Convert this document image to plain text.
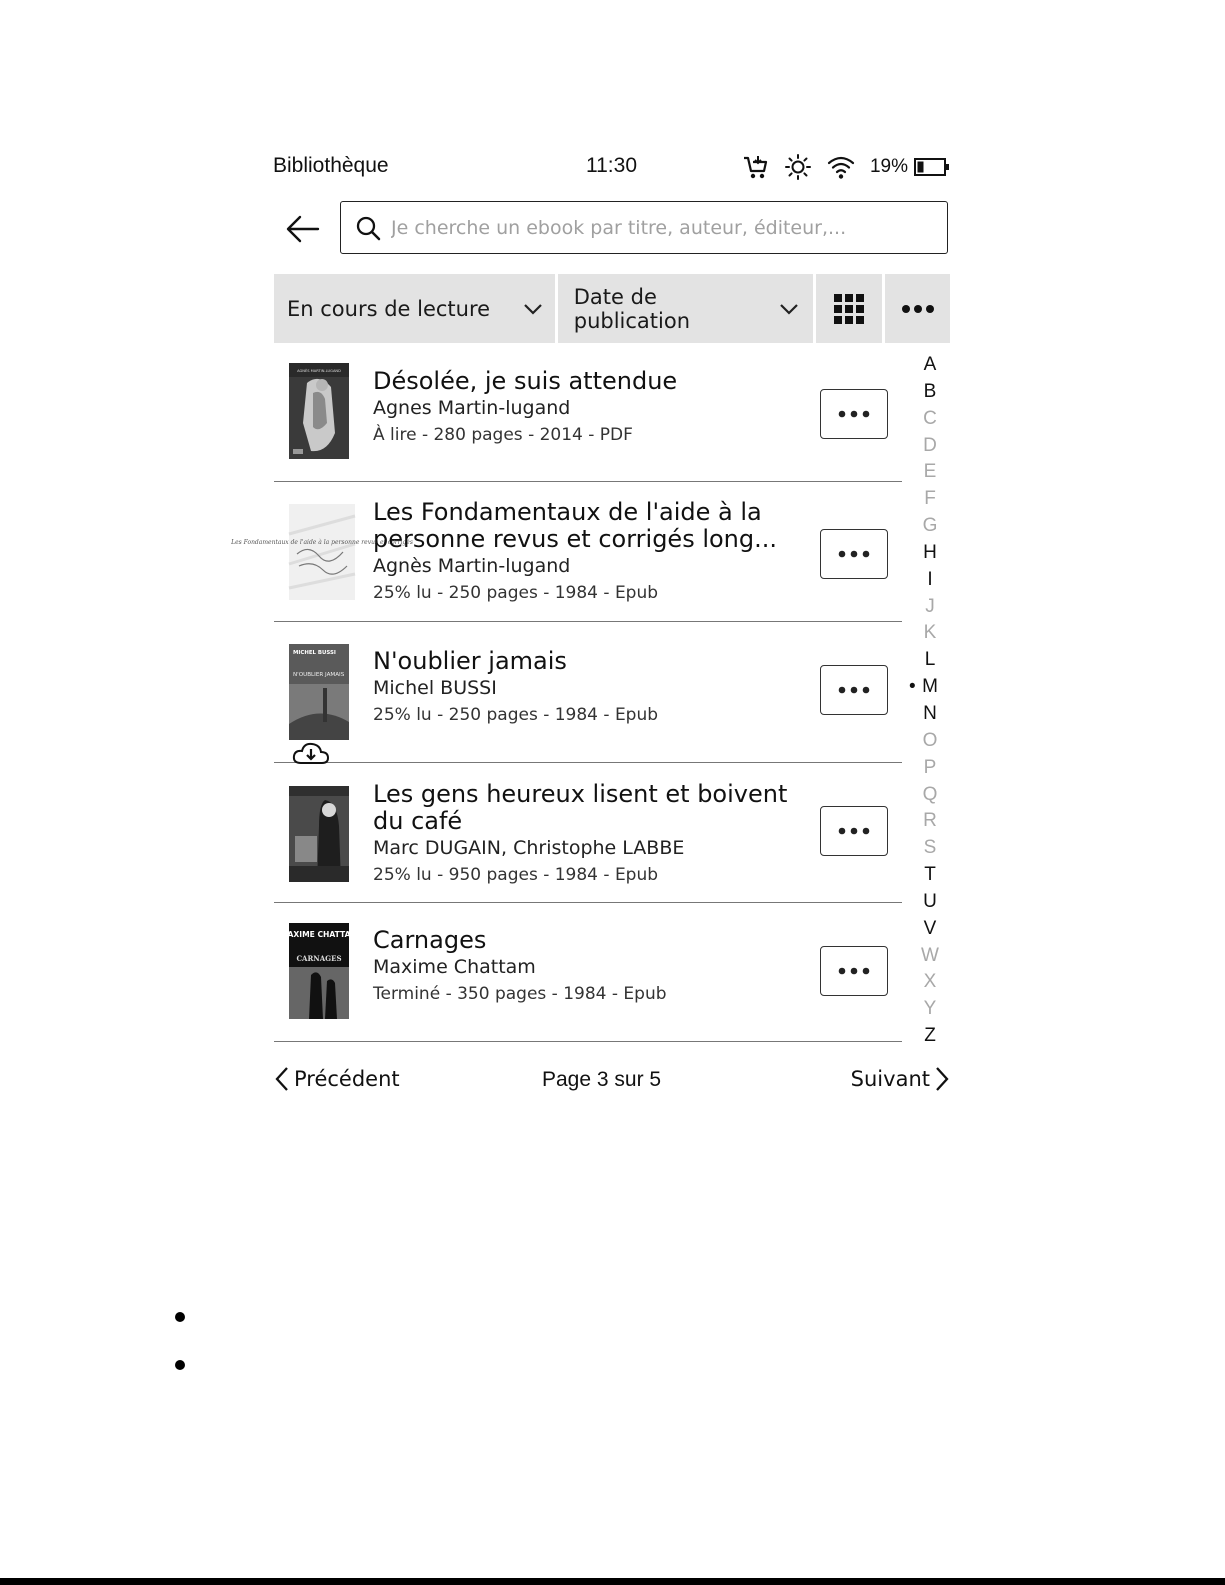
Bibliothèque	11:30	19%
Je cherche un ebook par titre, auteur, éditeur,...
En cours de lecture	Date de publication
AGNÈS MARTIN-LUGAND Désolée, je suis attendue
Agnes Martin-lugand
À lire - 280 pages - 2014 - PDF
Les Fondamentaux de l'aide à la personne revus et corrigés
Les Fondamentaux de l'aide à la personne revus et corrigés long...
Agnès Martin-lugand
25% lu - 250 pages - 1984 - Epub
MICHEL BUSSI
N'OUBLIER JAMAIS N'oublier jamais
Michel BUSSI
25% lu - 250 pages - 1984 - Epub
Les gens heureux lisent et boivent du café
Marc DUGAIN, Christophe LABBE
25% lu - 950 pages - 1984 - Epub
MAXIME CHATTAM
CARNAGES
Carnages
Maxime Chattam
Terminé - 350 pages - 1984 - Epub
A
B
C
D
E
F
G
H
I
J
K
L
• M
N
O
P
Q
R
S
T
U
V
W
X
Y
Z
Précédent	Page 3 sur 5	Suivant
